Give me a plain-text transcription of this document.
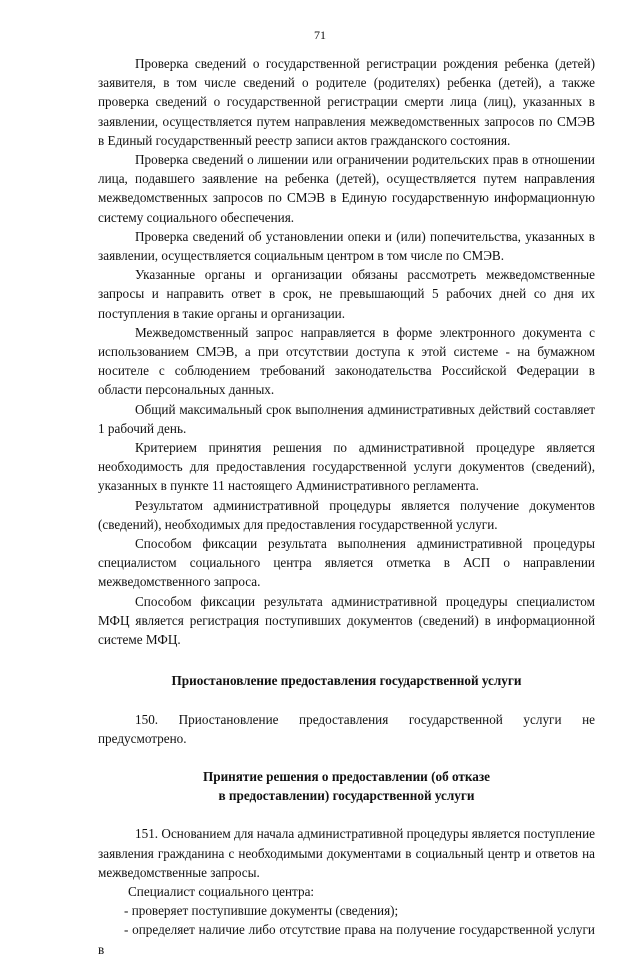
71

Проверка сведений о государственной регистрации рождения ребенка (детей) заявителя, в том числе сведений о родителе (родителях) ребенка (детей), а также проверка сведений о государственной регистрации смерти лица (лиц), указанных в заявлении, осуществляется путем направления межведомственных запросов по СМЭВ в Единый государственный реестр записи актов гражданского состояния.

Проверка сведений о лишении или ограничении родительских прав в отношении лица, подавшего заявление на ребенка (детей), осуществляется путем направления межведомственных запросов по СМЭВ в Единую государственную информационную систему социального обеспечения.

Проверка сведений об установлении опеки и (или) попечительства, указанных в заявлении, осуществляется социальным центром в том числе по СМЭВ.

Указанные органы и организации обязаны рассмотреть межведомственные запросы и направить ответ в срок, не превышающий 5 рабочих дней со дня их поступления в такие органы и организации.

Межведомственный запрос направляется в форме электронного документа с использованием СМЭВ, а при отсутствии доступа к этой системе - на бумажном носителе с соблюдением требований законодательства Российской Федерации в области персональных данных.

Общий максимальный срок выполнения административных действий составляет 1 рабочий день.

Критерием принятия решения по административной процедуре является необходимость для предоставления государственной услуги документов (сведений), указанных в пункте 11 настоящего Административного регламента.

Результатом административной процедуры является получение документов (сведений), необходимых для предоставления государственной услуги.

Способом фиксации результата выполнения административной процедуры специалистом социального центра является отметка в АСП о направлении межведомственного запроса.

Способом фиксации результата административной процедуры специалистом МФЦ является регистрация поступивших документов (сведений) в информационной системе МФЦ.

Приостановление предоставления государственной услуги

150. Приостановление предоставления государственной услуги не предусмотрено.

Принятие решения о предоставлении (об отказе
в предоставлении) государственной услуги

151. Основанием для начала административной процедуры является поступление заявления гражданина с необходимыми документами в социальный центр и ответов на межведомственные запросы.

Специалист социального центра:

- проверяет поступившие документы (сведения);

- определяет наличие либо отсутствие права на получение государственной услуги в
